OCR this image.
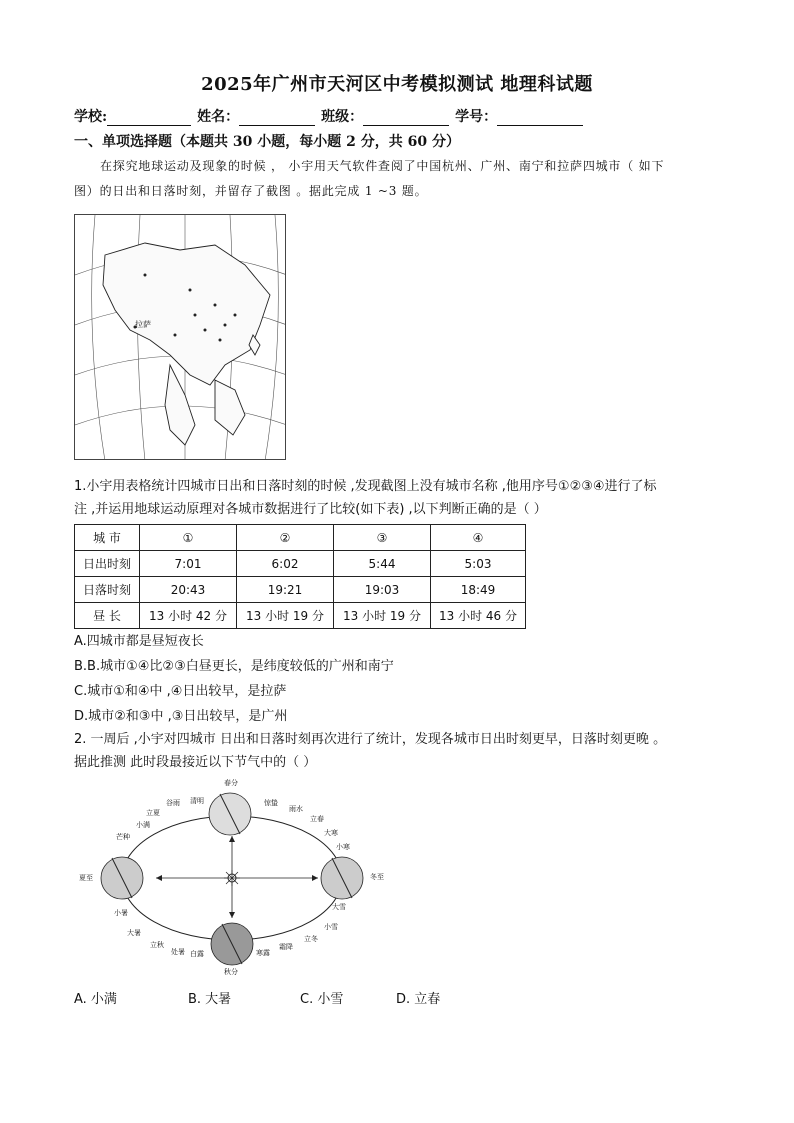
2025年广州市天河区中考模拟测试 地理科试题
学校:	姓名：	班级：	学号：
一、单项选择题（本题共 30 小题，每小题 2 分，共 60 分）
在探究地球运动及现象的时候 ， 小宇用天气软件查阅了中国杭州、广州、南宁和拉萨四城市（ 如下
图）的日出和日落时刻，并留存了截图 。据此完成 1 ~3 题。
拉萨
1.小宇用表格统计四城市日出和日落时刻的时候 ,发现截图上没有城市名称 ,他用序号①②③④进行了标
注 ,并运用地球运动原理对各城市数据进行了比较(如下表) ,以下判断正确的是（ ）
城 市	①	②	③	④
日出时刻	7:01	6:02	5:44	5:03
日落时刻	20:43	19:21	19:03	18:49
昼 长	13 小时 42 分	13 小时 19 分	13 小时 19 分	13 小时 46 分
A.四城市都是昼短夜长
B.B.城市①④比②③白昼更长，是纬度较低的广州和南宁
C.城市①和④中 ,④日出较早，是拉萨
D.城市②和③中 ,③日出较早，是广州
2. 一周后 ,小宇对四城市 日出和日落时刻再次进行了统计，发现各城市日出时刻更早，日落时刻更晚 。
据此推测 此时段最接近以下节气中的（ ）
春分
清明
谷雨
立夏
小满
芒种
夏至
小暑
大暑
立秋
处暑 白露
秋分
寒露
霜降
立冬
小雪
大雪
冬至
小寒
大寒
立春
雨水
惊蛰
A. 小满	B. 大暑	C. 小雪	D. 立春
